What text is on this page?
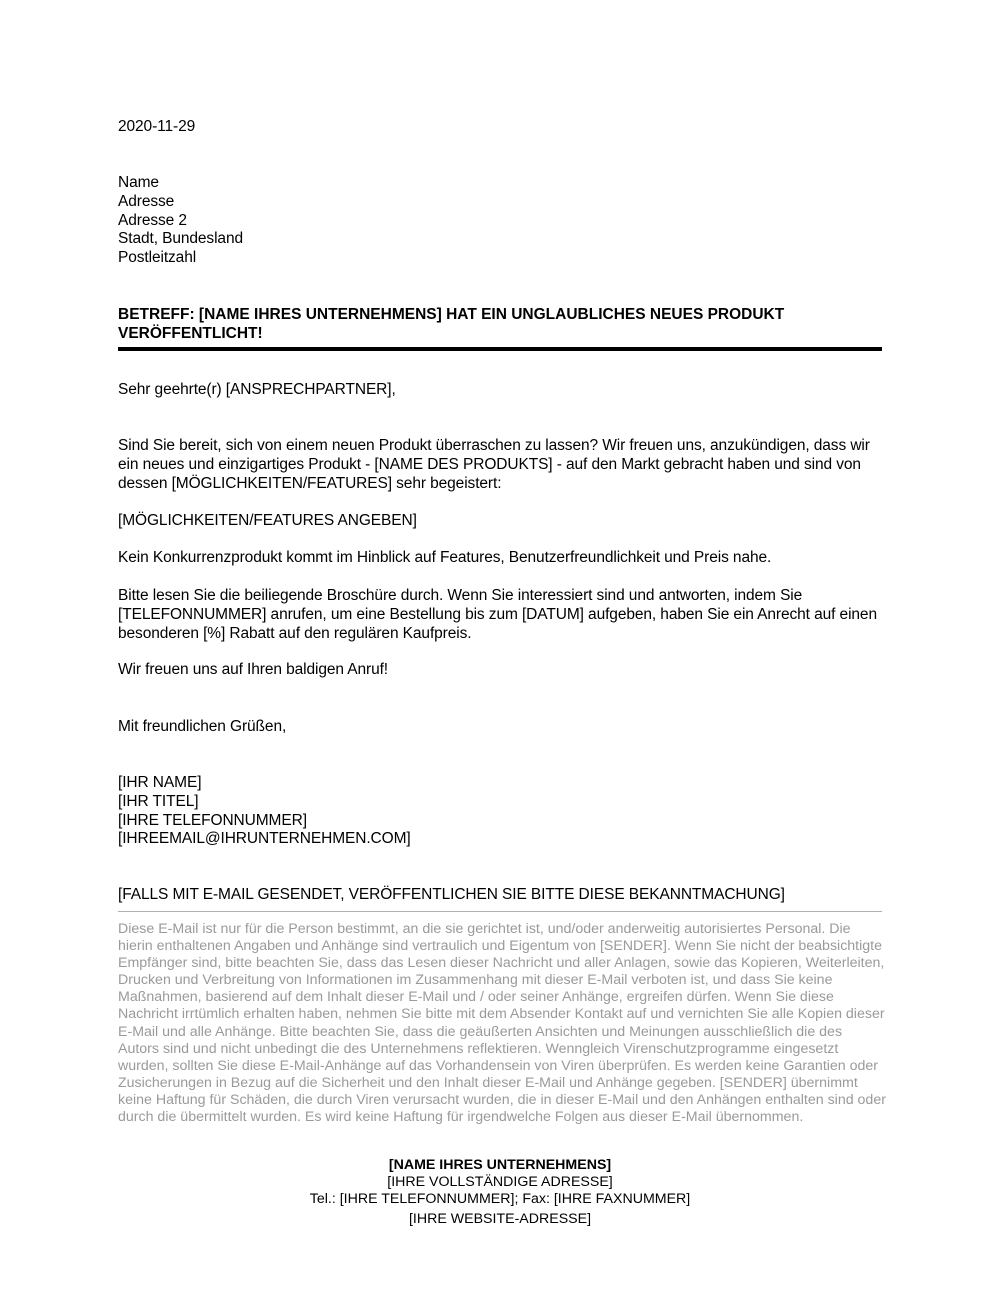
2020-11-29
Name
Adresse
Adresse 2
Stadt, Bundesland
Postleitzahl
BETREFF: [NAME IHRES UNTERNEHMENS] HAT EIN UNGLAUBLICHES NEUES PRODUKT VERÖFFENTLICHT!
Sehr geehrte(r) [ANSPRECHPARTNER],
Sind Sie bereit, sich von einem neuen Produkt überraschen zu lassen? Wir freuen uns, anzukündigen, dass wir ein neues und einzigartiges Produkt - [NAME DES PRODUKTS] - auf den Markt gebracht haben und sind von dessen [MÖGLICHKEITEN/FEATURES] sehr begeistert:
[MÖGLICHKEITEN/FEATURES ANGEBEN]
Kein Konkurrenzprodukt kommt im Hinblick auf Features, Benutzerfreundlichkeit und Preis nahe.
Bitte lesen Sie die beiliegende Broschüre durch. Wenn Sie interessiert sind und antworten, indem Sie [TELEFONNUMMER] anrufen, um eine Bestellung bis zum [DATUM] aufgeben, haben Sie ein Anrecht auf einen besonderen [%] Rabatt auf den regulären Kaufpreis.
Wir freuen uns auf Ihren baldigen Anruf!
Mit freundlichen Grüßen,
[IHR NAME]
[IHR TITEL]
[IHRE TELEFONNUMMER]
[IHREEMAIL@IHRUNTERNEHMEN.COM]
[FALLS MIT E-MAIL GESENDET, VERÖFFENTLICHEN SIE BITTE DIESE BEKANNTMACHUNG]
Diese E-Mail ist nur für die Person bestimmt, an die sie gerichtet ist, und/oder anderweitig autorisiertes Personal. Die hierin enthaltenen Angaben und Anhänge sind vertraulich und Eigentum von [SENDER]. Wenn Sie nicht der beabsichtigte Empfänger sind, bitte beachten Sie, dass das Lesen dieser Nachricht und aller Anlagen, sowie das Kopieren, Weiterleiten, Drucken und Verbreitung von Informationen im Zusammenhang mit dieser E-Mail verboten ist, und dass Sie keine Maßnahmen, basierend auf dem Inhalt dieser E-Mail und / oder seiner Anhänge, ergreifen dürfen. Wenn Sie diese Nachricht irrtümlich erhalten haben, nehmen Sie bitte mit dem Absender Kontakt auf und vernichten Sie alle Kopien dieser E-Mail und alle Anhänge. Bitte beachten Sie, dass die geäußerten Ansichten und Meinungen ausschließlich die des Autors sind und nicht unbedingt die des Unternehmens reflektieren. Wenngleich Virenschutzprogramme eingesetzt wurden, sollten Sie diese E-Mail-Anhänge auf das Vorhandensein von Viren überprüfen. Es werden keine Garantien oder Zusicherungen in Bezug auf die Sicherheit und den Inhalt dieser E-Mail und Anhänge gegeben. [SENDER] übernimmt keine Haftung für Schäden, die durch Viren verursacht wurden, die in dieser E-Mail und den Anhängen enthalten sind oder durch die übermittelt wurden. Es wird keine Haftung für irgendwelche Folgen aus dieser E-Mail übernommen.
[NAME IHRES UNTERNEHMENS]
[IHRE VOLLSTÄNDIGE ADRESSE]
Tel.: [IHRE TELEFONNUMMER]; Fax: [IHRE FAXNUMMER]
[IHRE WEBSITE-ADRESSE]
